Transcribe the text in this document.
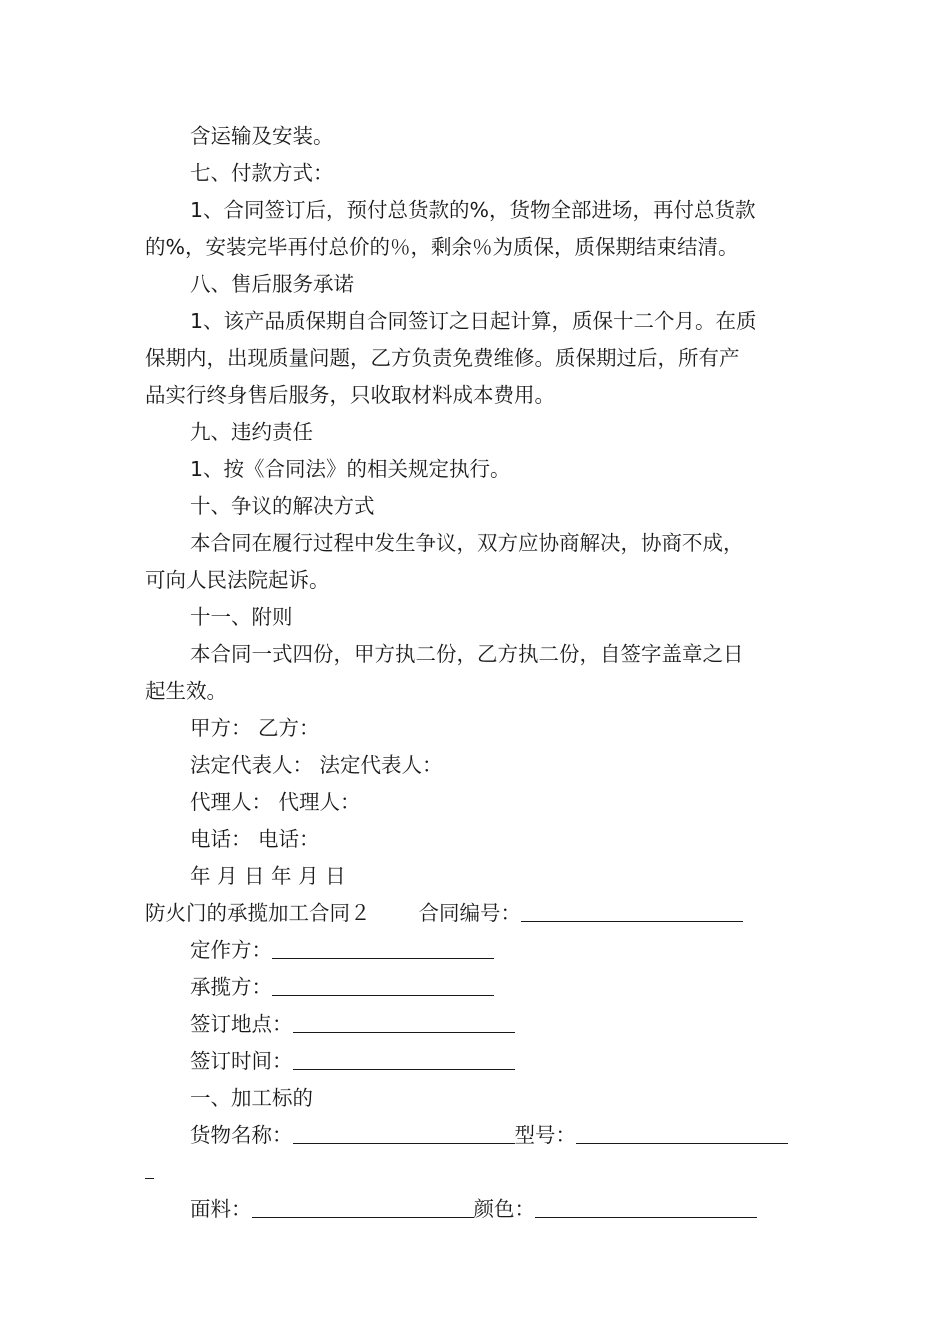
含运输及安装。
七、付款方式：
1、合同签订后，预付总货款的%，货物全部进场，再付总货款
的%，安装完毕再付总价的％，剩余％为质保，质保期结束结清。
八、售后服务承诺
1、该产品质保期自合同签订之日起计算，质保十二个月。在质
保期内，出现质量问题，乙方负责免费维修。质保期过后，所有产
品实行终身售后服务，只收取材料成本费用。
九、违约责任
1、按《合同法》的相关规定执行。
十、争议的解决方式
本合同在履行过程中发生争议，双方应协商解决，协商不成，
可向人民法院起诉。
十一、附则
本合同一式四份，甲方执二份，乙方执二份，自签字盖章之日
起生效。
甲方： 乙方：
法定代表人： 法定代表人：
代理人： 代理人：
电话： 电话：
年 月 日 年 月 日
防火门的承揽加工合同２ 合同编号：
定作方：
承揽方：
签订地点：
签订时间：
一、加工标的
货物名称：	型号：
面料：	颜色：
